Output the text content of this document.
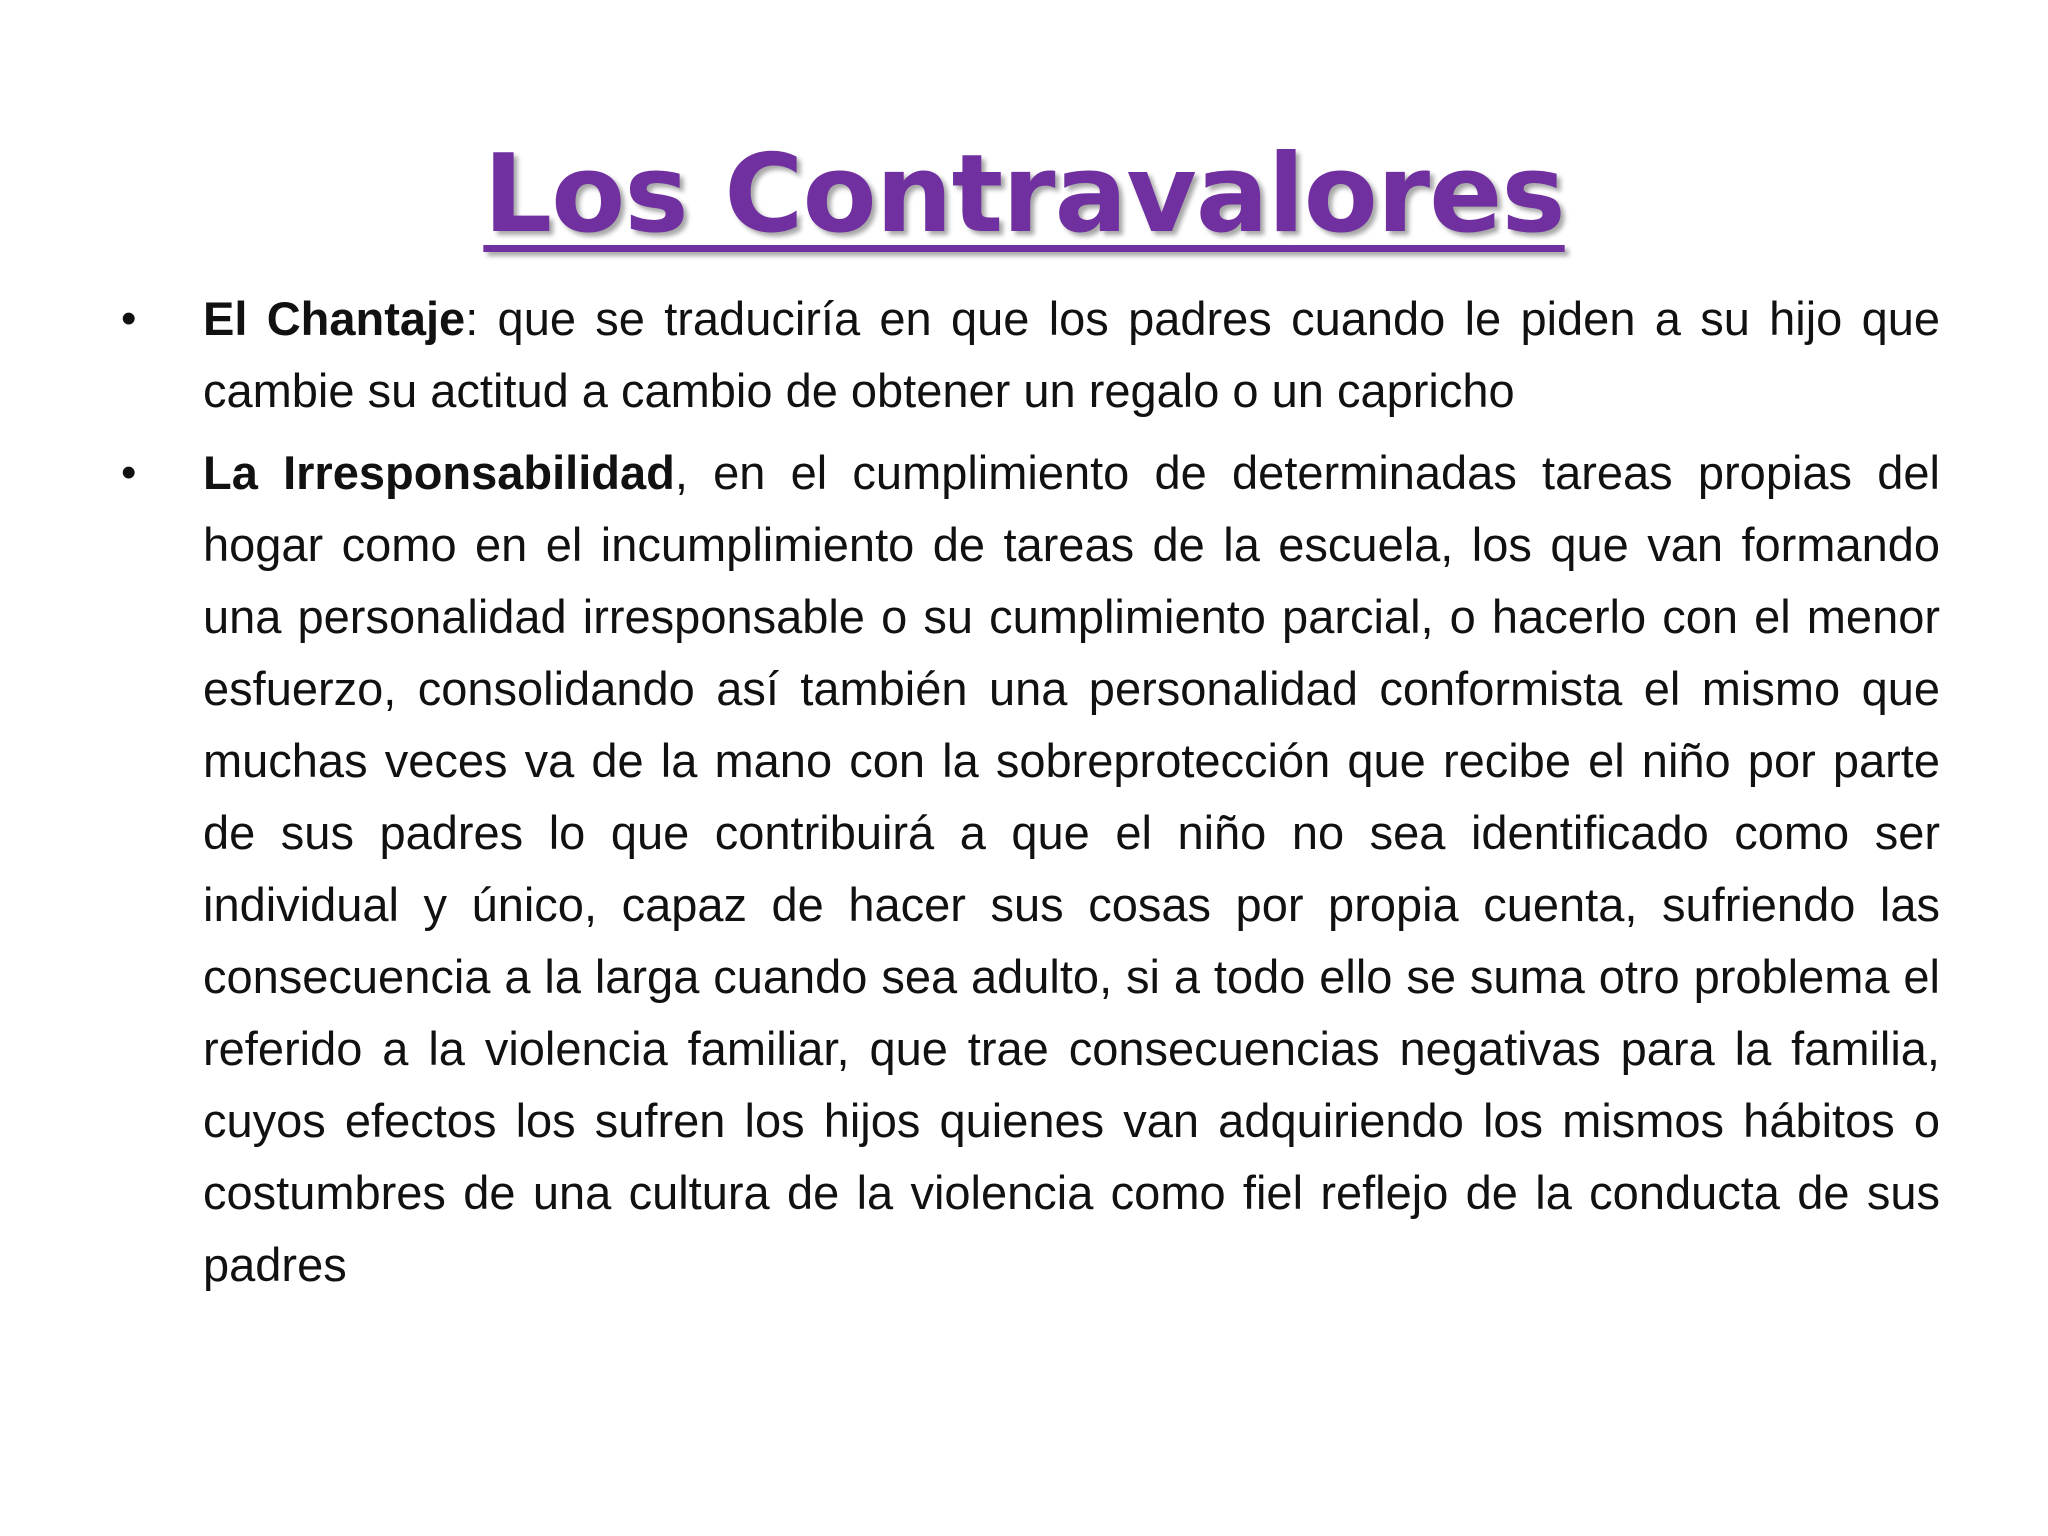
Los Contravalores
• El Chantaje: que se traduciría en que los padres cuando le piden a su hijo que cambie su actitud a cambio de obtener un regalo o un capricho
• La Irresponsabilidad, en el cumplimiento de determinadas tareas propias del hogar como en el incumplimiento de tareas de la escuela, los que van formando una personalidad irresponsable o su cumplimiento parcial, o hacerlo con el menor esfuerzo, consolidando así también una personalidad conformista el mismo que muchas veces va de la mano con la sobreprotección que recibe el niño por parte de sus padres lo que contribuirá a que el niño no sea identificado como ser individual y único, capaz de hacer sus cosas por propia cuenta, sufriendo las consecuencia a la larga cuando sea adulto, si a todo ello se suma otro problema el referido a la violencia familiar, que trae consecuencias negativas para la familia, cuyos efectos los sufren los hijos quienes van adquiriendo los mismos hábitos o costumbres de una cultura de la violencia como fiel reflejo de la conducta de sus padres
